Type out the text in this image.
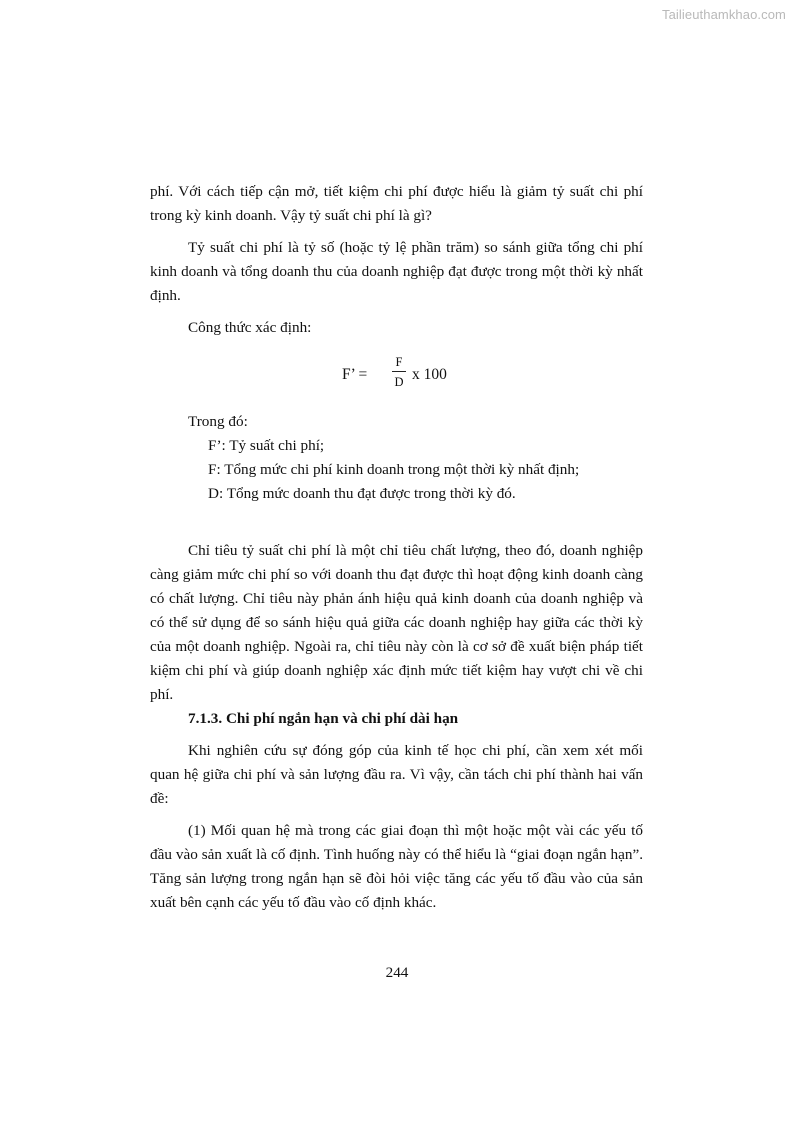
Tailieuthamkhao.com

phí. Với cách tiếp cận mở, tiết kiệm chi phí được hiểu là giảm tỷ suất chi phí trong kỳ kinh doanh. Vậy tỷ suất chi phí là gì?

Tỷ suất chi phí là tỷ số (hoặc tỷ lệ phần trăm) so sánh giữa tổng chi phí kinh doanh và tổng doanh thu của doanh nghiệp đạt được trong một thời kỳ nhất định.

Công thức xác định:

F’ =
F
D x 100

Trong đó:

F’: Tỷ suất chi phí;

F: Tổng mức chi phí kinh doanh trong một thời kỳ nhất định;

D: Tổng mức doanh thu đạt được trong thời kỳ đó.

Chỉ tiêu tỷ suất chi phí là một chỉ tiêu chất lượng, theo đó, doanh nghiệp càng giảm mức chi phí so với doanh thu đạt được thì hoạt động kinh doanh càng có chất lượng. Chỉ tiêu này phản ánh hiệu quả kinh doanh của doanh nghiệp và có thể sử dụng để so sánh hiệu quả giữa các doanh nghiệp hay giữa các thời kỳ của một doanh nghiệp. Ngoài ra, chỉ tiêu này còn là cơ sở đề xuất biện pháp tiết kiệm chi phí và giúp doanh nghiệp xác định mức tiết kiệm hay vượt chi về chi phí.

7.1.3. Chi phí ngắn hạn và chi phí dài hạn

Khi nghiên cứu sự đóng góp của kinh tế học chi phí, cần xem xét mối quan hệ giữa chi phí và sản lượng đầu ra. Vì vậy, cần tách chi phí thành hai vấn đề:

(1) Mối quan hệ mà trong các giai đoạn thì một hoặc một vài các yếu tố đầu vào sản xuất là cố định. Tình huống này có thể hiểu là “giai đoạn ngắn hạn”. Tăng sản lượng trong ngắn hạn sẽ đòi hỏi việc tăng các yếu tố đầu vào của sản xuất bên cạnh các yếu tố đầu vào cố định khác.

244
